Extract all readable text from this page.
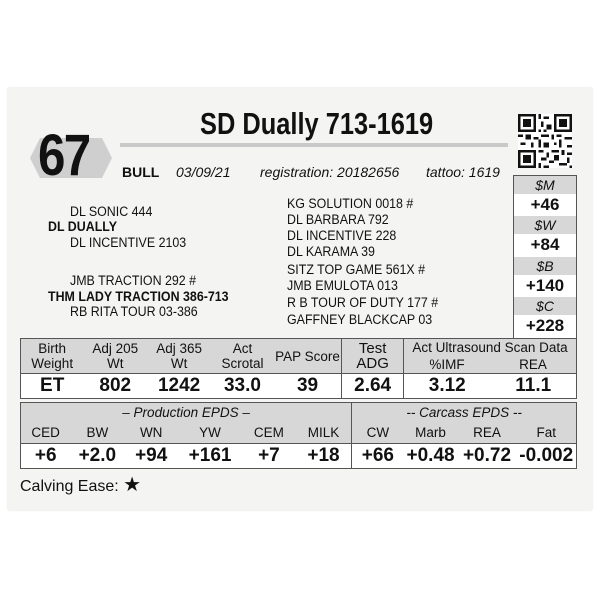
67	SD Dually 713-1619
BULL 03/09/21 registration: 20182656 tattoo: 1619
DL SONIC 444
DL DUALLY
DL INCENTIVE 2103
JMB TRACTION 292 #
THM LADY TRACTION 386-713
RB RITA TOUR 03-386
KG SOLUTION 0018 #
DL BARBARA 792
DL INCENTIVE 228
DL KARAMA 39
SITZ TOP GAME 561X #
JMB EMULOTA 013
R B TOUR OF DUTY 177 #
GAFFNEY BLACKCAP 03
$M
+46
$W
+84
$B
+140
$C
+228
Birth Weight	Adj 205 Wt	Adj 365 Wt	Act Scrotal	PAP Score	Test ADG	Act Ultrasound Scan Data
%IMF REA	

ET	802	1242	33.0	39	2.64	3.12	11.1
– Production EPDS –						-- Carcass EPDS --			
CED	BW	WN	YW	CEM	MILK	CW	Marb	REA	Fat
+6	+2.0	+94	+161	+7	+18	+66	+0.48	+0.72	-0.002
Calving Ease: ★
